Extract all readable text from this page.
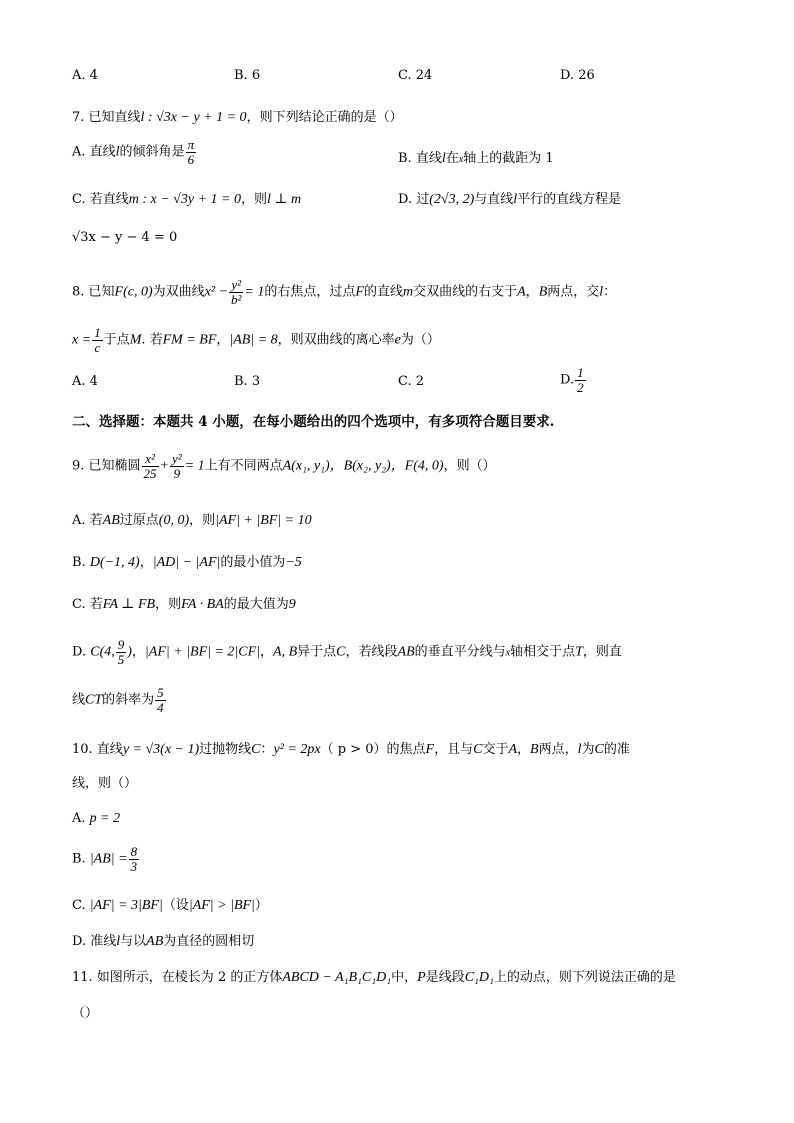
A. 4	B. 6	C. 24	D. 26
7. 已知直线l : √3x − y + 1 = 0，则下列结论正确的是（）
A. 直线l的倾斜角是 $\frac{\pi}{6}$	B. 直线l在x轴上的截距为 1
C. 若直线m : x − √3y + 1 = 0，则l ⊥ m	D. 过(2√3, 2)与直线l平行的直线方程是
√3x − y − 4 = 0
8. 已知F(c, 0)为双曲线$x^2 - \frac{\text{y²}}{\text{b²}} = 1$的右焦点，过点F的直线m交双曲线的右支于A，B两点，交l：
$x = \frac{1}{c}$ 于点M. 若FM = BF，|AB| = 8，则双曲线的离心率e为（）
A. 4	B. 3	C. 2	D. $\frac{1}{2}$
二、选择题：本题共 4 小题，在每小题给出的四个选项中，有多项符合题目要求.
9. 已知椭圆 $\frac{\text{x²}}{25} + \frac{\text{y²}}{9} = 1$上有不同两点A(x₁, y₁)，B(x₂, y₂)，F(4, 0)，则（）
A. 若AB过原点(0, 0)，则|AF| + |BF| = 10
B. D(−1, 4)，|AD| − |AF|的最小值为−5
C. 若FA ⊥ FB，则FA · BA的最大值为9
D. C(4, $\frac{9}{5}$ )，|AF| + |BF| = 2|CF|，A, B异于点C，若线段AB的垂直平分线与x轴相交于点T，则直
线CT的斜率为 $\frac{5}{4}$
10. 直线y = √3(x − 1)过抛物线C：y² = 2px（ p > 0）的焦点F，且与C交于A，B两点，l为C的准
线，则（）
A. p = 2
B. $|AB| = \frac{8}{3}$
C. |AF| = 3|BF|（设|AF| > |BF|）
D. 准线l与以AB为直径的圆相切
11. 如图所示，在棱长为 2 的正方体ABCD − A₁B₁C₁D₁中，P是线段C₁D₁上的动点，则下列说法正确的是
（）
